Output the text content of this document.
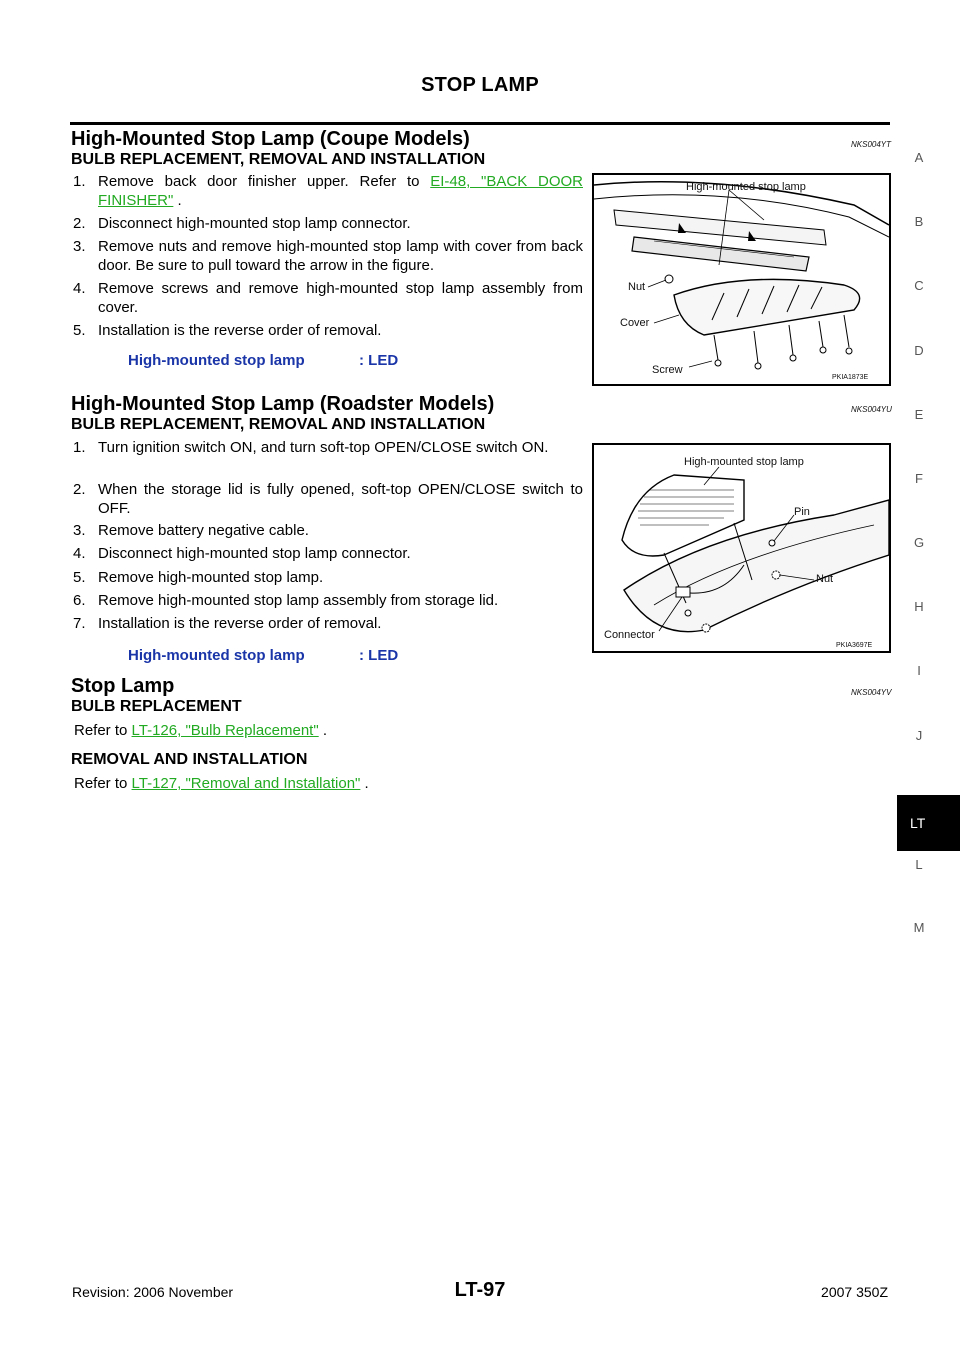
STOP LAMP
High-Mounted Stop Lamp (Coupe Models)	NKS004YT
BULB REPLACEMENT, REMOVAL AND INSTALLATION
1. Remove back door finisher upper. Refer to EI-48, "BACK DOOR FINISHER" .
2. Disconnect high-mounted stop lamp connector.
3. Remove nuts and remove high-mounted stop lamp with cover from back door. Be sure to pull toward the arrow in the figure.
4. Remove screws and remove high-mounted stop lamp assembly from cover.
5. Installation is the reverse order of removal.
High-mounted stop lamp	: LED
High-mounted stop lamp
Nut
Cover
Screw
PKIA1873E
High-Mounted Stop Lamp (Roadster Models)	NKS004YU
BULB REPLACEMENT, REMOVAL AND INSTALLATION
1. Turn ignition switch ON, and turn soft-top OPEN/CLOSE switch ON.
2. When the storage lid is fully opened, soft-top OPEN/CLOSE switch to OFF.
3. Remove battery negative cable.
4. Disconnect high-mounted stop lamp connector.
5. Remove high-mounted stop lamp.
6. Remove high-mounted stop lamp assembly from storage lid.
7. Installation is the reverse order of removal.
High-mounted stop lamp	: LED
High-mounted stop lamp
Pin
Nut
Connector
PKIA3697E
Stop Lamp	NKS004YV
BULB REPLACEMENT
Refer to LT-126, "Bulb Replacement" .
REMOVAL AND INSTALLATION
Refer to LT-127, "Removal and Installation" .
A
B
C
D
E
F
G
H
I
J
LT
L
M
Revision: 2006 November	LT-97	2007 350Z
